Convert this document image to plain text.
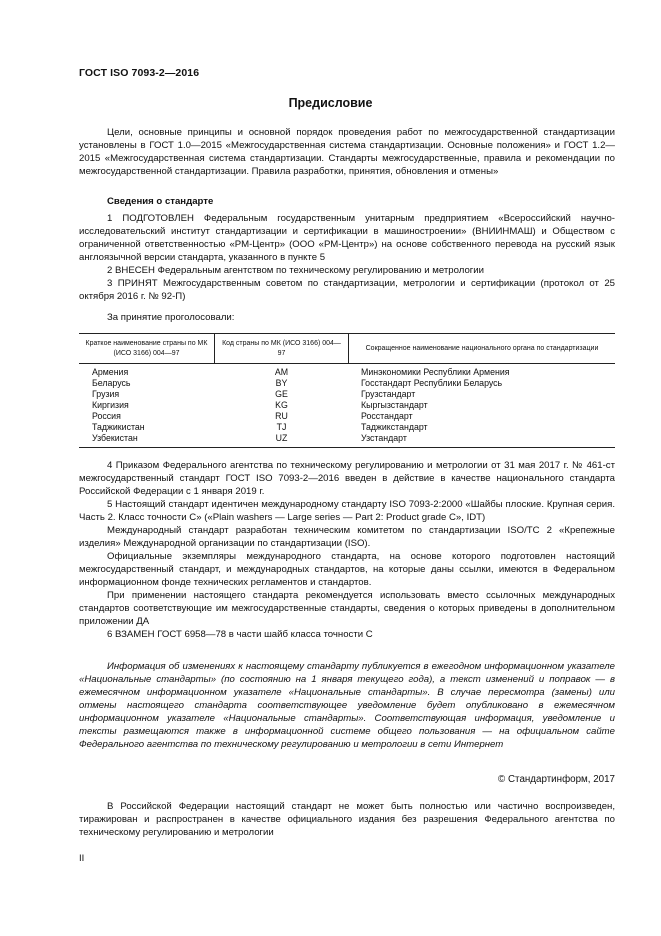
ГОСТ ISO 7093-2—2016
Предисловие

Цели, основные принципы и основной порядок проведения работ по межгосударственной стандартизации установлены в ГОСТ 1.0—2015 «Межгосударственная система стандартизации. Основные положения» и ГОСТ 1.2—2015 «Межгосударственная система стандартизации. Стандарты межгосударственные, правила и рекомендации по межгосударственной стандартизации. Правила разработки, принятия, обновления и отмены»

Сведения о стандарте

1 ПОДГОТОВЛЕН Федеральным государственным унитарным предприятием «Всероссийский научно-исследовательский институт стандартизации и сертификации в машиностроении» (ВНИИНМАШ) и Обществом с ограниченной ответственностью «РМ-Центр» (ООО «РМ-Центр») на основе собственного перевода на русский язык англоязычной версии стандарта, указанного в пункте 5

2 ВНЕСЕН Федеральным агентством по техническому регулированию и метрологии

3 ПРИНЯТ Межгосударственным советом по стандартизации, метрологии и сертификации (протокол от 25 октября 2016 г. № 92-П)

За принятие проголосовали:

Краткое наименование страны по МК (ИСО 3166) 004—97
Код страны по МК (ИСО 3166) 004—97
Сокращенное наименование национального органа по стандартизации
Армения
Беларусь
Грузия
Киргизия
Россия
Таджикистан
Узбекистан
AM
BY
GE
KG
RU
TJ
UZ
Минэкономики Республики Армения
Госстандарт Республики Беларусь
Грузстандарт
Кыргызстандарт
Росстандарт
Таджикстандарт
Узстандарт

4 Приказом Федерального агентства по техническому регулированию и метрологии от 31 мая 2017 г. № 461-ст межгосударственный стандарт ГОСТ ISO 7093-2—2016 введен в действие в качестве национального стандарта Российской Федерации с 1 января 2019 г.

5 Настоящий стандарт идентичен международному стандарту ISO 7093-2:2000 «Шайбы плоские. Крупная серия. Часть 2. Класс точности С» («Plain washers — Large series — Part 2: Product grade C», IDT)

Международный стандарт разработан техническим комитетом по стандартизации ISO/TC 2 «Крепежные изделия» Международной организации по стандартизации (ISO).

Официальные экземпляры международного стандарта, на основе которого подготовлен настоящий межгосударственный стандарт, и международных стандартов, на которые даны ссылки, имеются в Федеральном информационном фонде технических регламентов и стандартов.

При применении настоящего стандарта рекомендуется использовать вместо ссылочных международных стандартов соответствующие им межгосударственные стандарты, сведения о которых приведены в дополнительном приложении ДА

6 ВЗАМЕН ГОСТ 6958—78 в части шайб класса точности С

Информация об изменениях к настоящему стандарту публикуется в ежегодном информационном указателе «Национальные стандарты» (по состоянию на 1 января текущего года), а текст изменений и поправок — в ежемесячном информационном указателе «Национальные стандарты». В случае пересмотра (замены) или отмены настоящего стандарта соответствующее уведомление будет опубликовано в ежемесячном информационном указателе «Национальные стандарты». Соответствующая информация, уведомление и тексты размещаются также в информационной системе общего пользования — на официальном сайте Федерального агентства по техническому регулированию и метрологии в сети Интернет

© Стандартинформ, 2017

В Российской Федерации настоящий стандарт не может быть полностью или частично воспроизведен, тиражирован и распространен в качестве официального издания без разрешения Федерального агентства по техническому регулированию и метрологии

II
